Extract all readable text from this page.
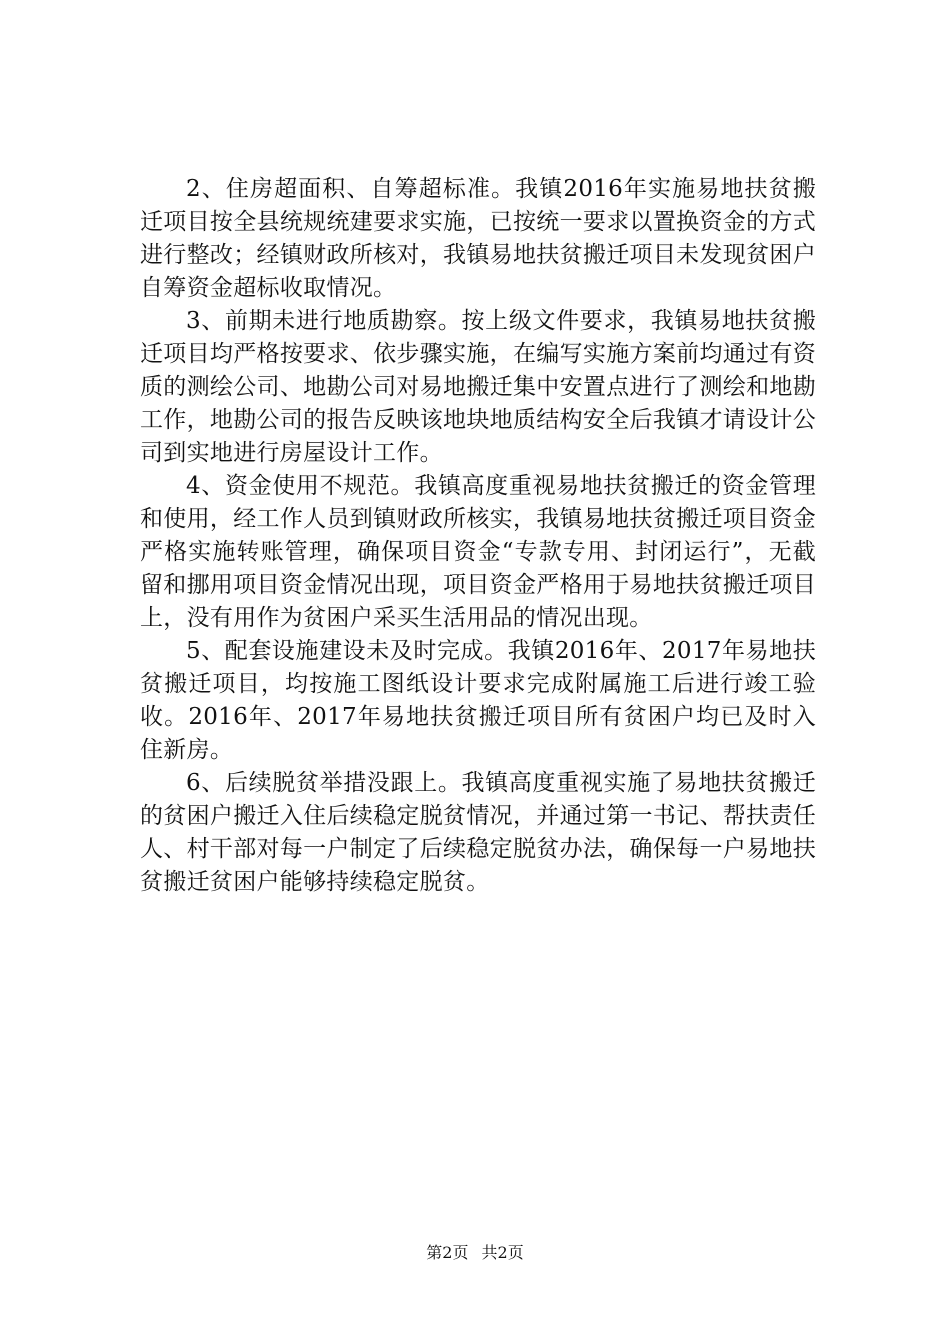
2、住房超面积、自筹超标准。我镇2016年实施易地扶贫搬迁项目按全县统规统建要求实施，已按统一要求以置换资金的方式进行整改；经镇财政所核对，我镇易地扶贫搬迁项目未发现贫困户自筹资金超标收取情况。

3、前期未进行地质勘察。按上级文件要求，我镇易地扶贫搬迁项目均严格按要求、依步骤实施，在编写实施方案前均通过有资质的测绘公司、地勘公司对易地搬迁集中安置点进行了测绘和地勘工作，地勘公司的报告反映该地块地质结构安全后我镇才请设计公司到实地进行房屋设计工作。

4、资金使用不规范。我镇高度重视易地扶贫搬迁的资金管理和使用，经工作人员到镇财政所核实，我镇易地扶贫搬迁项目资金严格实施转账管理，确保项目资金“专款专用、封闭运行”，无截留和挪用项目资金情况出现，项目资金严格用于易地扶贫搬迁项目上，没有用作为贫困户采买生活用品的情况出现。

5、配套设施建设未及时完成。我镇2016年、2017年易地扶贫搬迁项目，均按施工图纸设计要求完成附属施工后进行竣工验收。2016年、2017年易地扶贫搬迁项目所有贫困户均已及时入住新房。

6、后续脱贫举措没跟上。我镇高度重视实施了易地扶贫搬迁的贫困户搬迁入住后续稳定脱贫情况，并通过第一书记、帮扶责任人、村干部对每一户制定了后续稳定脱贫办法，确保每一户易地扶贫搬迁贫困户能够持续稳定脱贫。

第2页 共2页
